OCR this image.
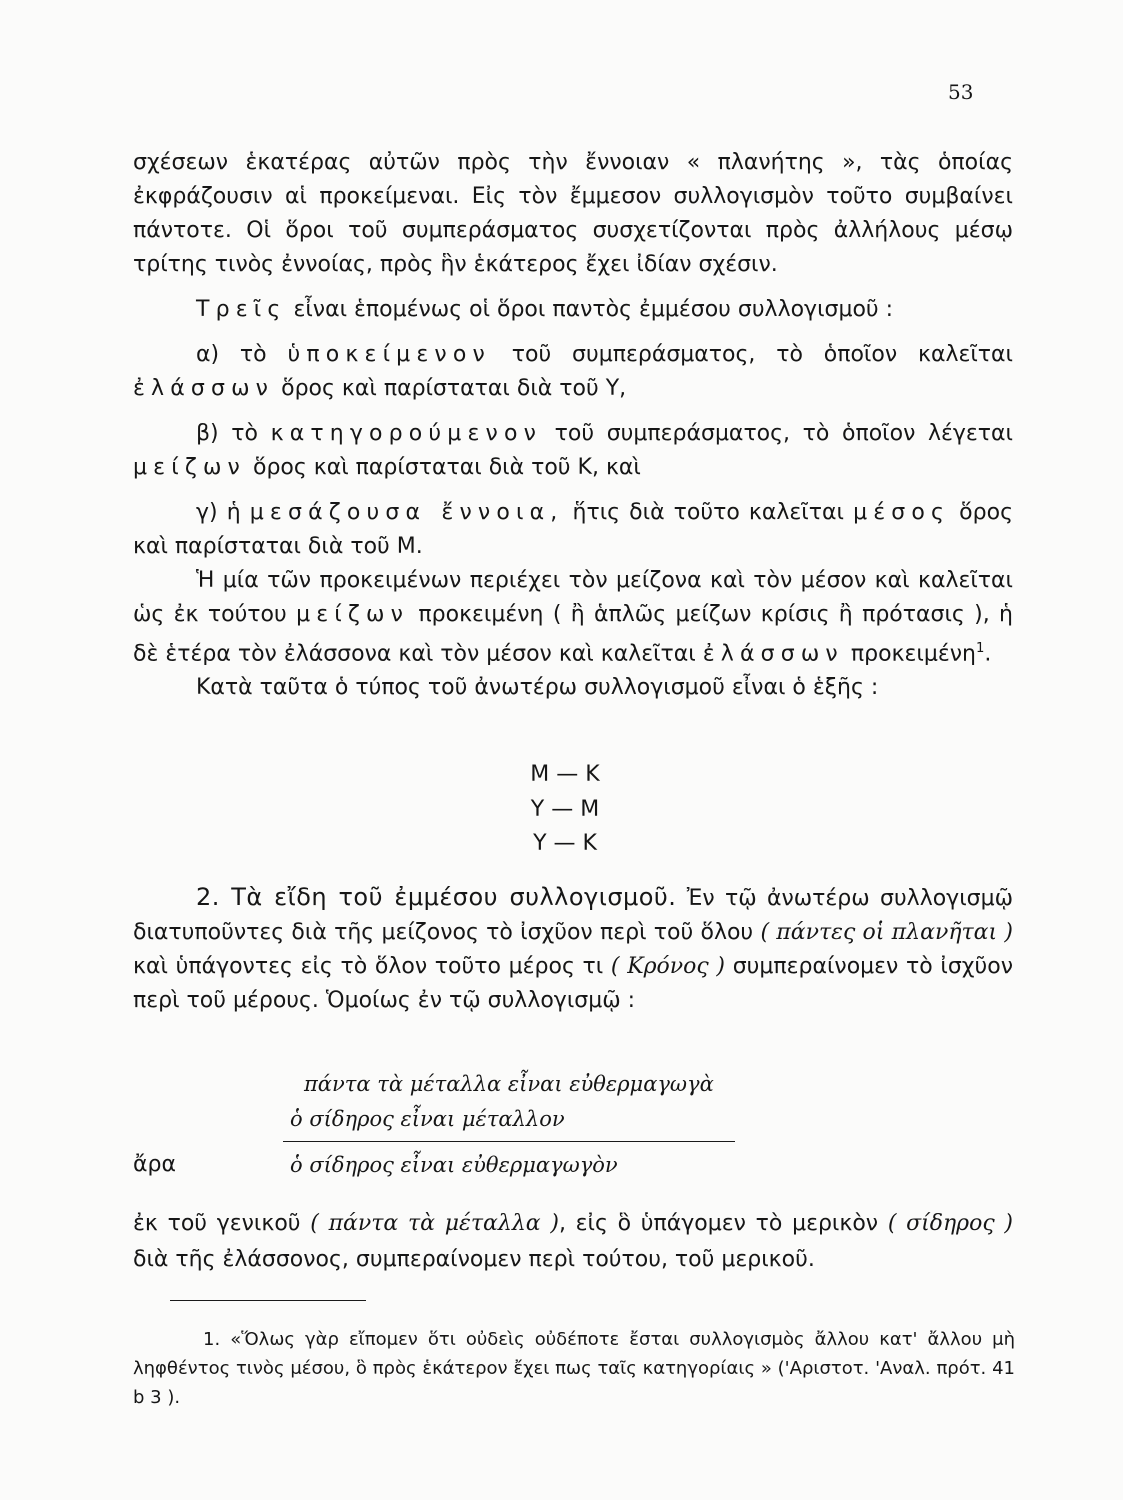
53

σχέσεων ἑκατέρας αὐτῶν πρὸς τὴν ἔννοιαν « πλανήτης », τὰς ὁποίας ἐκφράζουσιν αἱ προκείμεναι. Εἰς τὸν ἔμμεσον συλλογισμὸν τοῦτο συμβαίνει πάντοτε. Οἱ ὅροι τοῦ συμπεράσματος συσχετίζονται πρὸς ἀλλήλους μέσῳ τρίτης τινὸς ἐννοίας, πρὸς ἣν ἑκάτερος ἔχει ἰδίαν σχέσιν.

Τρεῖς εἶναι ἑπομένως οἱ ὅροι παντὸς ἐμμέσου συλλογισμοῦ :

α) τὸ ὑποκείμενον τοῦ συμπεράσματος, τὸ ὁποῖον καλεῖται ἐλάσσων ὅρος καὶ παρίσταται διὰ τοῦ Υ,

β) τὸ κατηγορούμενον τοῦ συμπεράσματος, τὸ ὁποῖον λέγεται μείζων ὅρος καὶ παρίσταται διὰ τοῦ Κ, καὶ

γ) ἡ μεσάζουσα ἔννοια, ἥτις διὰ τοῦτο καλεῖται μέσος ὅρος καὶ παρίσταται διὰ τοῦ Μ.

Ἡ μία τῶν προκειμένων περιέχει τὸν μείζονα καὶ τὸν μέσον καὶ καλεῖται ὡς ἐκ τούτου μείζων προκειμένη ( ἢ ἁπλῶς μείζων κρίσις ἢ πρότασις ), ἡ δὲ ἑτέρα τὸν ἐλάσσονα καὶ τὸν μέσον καὶ καλεῖται ἐλάσσων προκειμένη$^1$.

Κατὰ ταῦτα ὁ τύπος τοῦ ἀνωτέρω συλλογισμοῦ εἶναι ὁ ἑξῆς :

Μ — Κ
Υ — Μ
Υ — Κ
2. Τὰ εἴδη τοῦ ἐμμέσου συλλογισμοῦ. Ἐν τῷ ἀνωτέρω συλλογισμῷ διατυποῦντες διὰ τῆς μείζονος τὸ ἰσχῦον περὶ τοῦ ὅλου ( πάντες οἱ πλανῆται ) καὶ ὑπάγοντες εἰς τὸ ὅλον τοῦτο μέρος τι ( Κρόνος ) συμπεραίνομεν τὸ ἰσχῦον περὶ τοῦ μέρους. Ὁμοίως ἐν τῷ συλλογισμῷ :
πάντα τὰ μέταλλα εἶναι εὐθερμαγωγὰ
ὁ σίδηρος εἶναι μέταλλον
ἄρα	ὁ σίδηρος εἶναι εὐθερμαγωγὸν
ἐκ τοῦ γενικοῦ ( πάντα τὰ μέταλλα ), εἰς ὃ ὑπάγομεν τὸ μερικὸν ( σίδηρος ) διὰ τῆς ἐλάσσονος, συμπεραίνομεν περὶ τούτου, τοῦ μερικοῦ.
1. «Ὅλως γὰρ εἴπομεν ὅτι οὐδεὶς οὐδέποτε ἔσται συλλογισμὸς ἄλλου κατ' ἄλλου μὴ ληφθέντος τινὸς μέσου, ὃ πρὸς ἑκάτερον ἔχει πως ταῖς κατηγορίαις » ('Αριστοτ. 'Αναλ. πρότ. 41 b 3 ).
